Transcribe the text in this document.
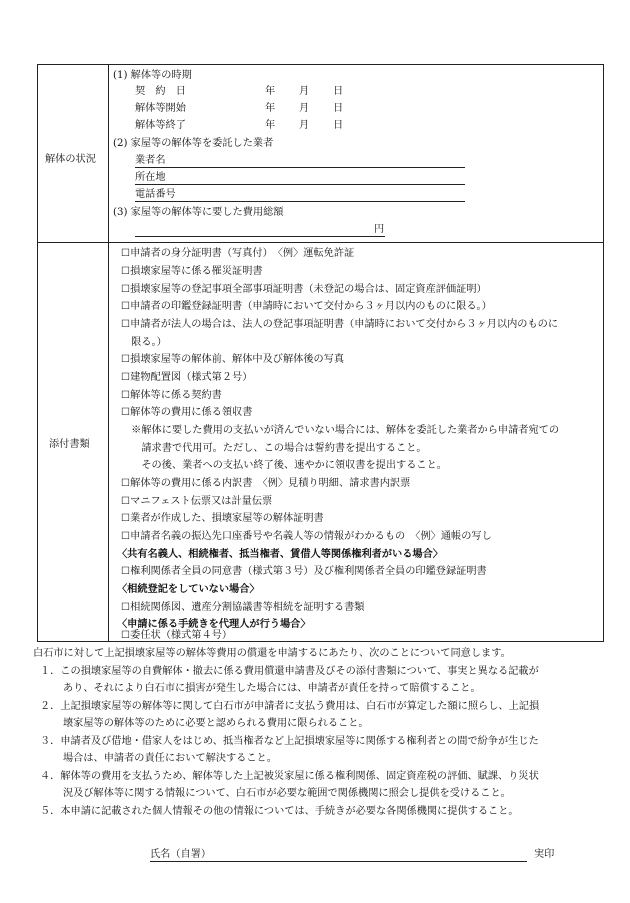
解体の状況
(1) 解体等の時期
契　約　日	年 月 日
解体等開始	年 月 日
解体等終了	年 月 日
(2) 家屋等の解体等を委託した業者
業者名
所在地
電話番号
(3) 家屋等の解体等に要した費用総額
円
添付書類
☐申請者の身分証明書（写真付）　〈例〉運転免許証
☐損壊家屋等に係る罹災証明書
☐損壊家屋等の登記事項全部事項証明書（未登記の場合は、固定資産評価証明）
☐申請者の印鑑登録証明書（申請時において交付から３ヶ月以内のものに限る。）
☐申請者が法人の場合は、法人の登記事項証明書（申請時において交付から３ヶ月以内のものに
　限る。）
☐損壊家屋等の解体前、解体中及び解体後の写真
☐建物配置図（様式第２号）
☐解体等に係る契約書
☐解体等の費用に係る領収書
　※解体に要した費用の支払いが済んでいない場合には、解体を委託した業者から申請者宛ての
　　請求書で代用可。ただし、この場合は誓約書を提出すること。
　　その後、業者への支払い終了後、速やかに領収書を提出すること。
☐解体等の費用に係る内訳書　〈例〉見積り明細、請求書内訳票
☐マニフェスト伝票又は計量伝票
☐業者が作成した、損壊家屋等の解体証明書
☐申請者名義の振込先口座番号や名義人等の情報がわかるもの　〈例〉通帳の写し
〈共有名義人、相続権者、抵当権者、賃借人等関係権利者がいる場合〉
☐権利関係者全員の同意書（様式第３号）及び権利関係者全員の印鑑登録証明書
〈相続登記をしていない場合〉
☐相続関係図、遺産分割協議書等相続を証明する書類
〈申請に係る手続きを代理人が行う場合〉
☐委任状（様式第４号）
白石市に対して上記損壊家屋等の解体等費用の償還を申請するにあたり、次のことについて同意します。
１．この損壊家屋等の自費解体・撤去に係る費用償還申請書及びその添付書類について、事実と異なる記載が
あり、それにより白石市に損害が発生した場合には、申請者が責任を持って賠償すること。
２．上記損壊家屋等の解体等に関して白石市が申請者に支払う費用は、白石市が算定した額に照らし、上記損
壊家屋等の解体等のために必要と認められる費用に限られること。
３．申請者及び借地・借家人をはじめ、抵当権者など上記損壊家屋等に関係する権利者との間で紛争が生じた
場合は、申請者の責任において解決すること。
４．解体等の費用を支払うため、解体等した上記被災家屋に係る権利関係、固定資産税の評価、賦課、り災状
況及び解体等に関する情報について、白石市が必要な範囲で関係機関に照会し提供を受けること。
５．本申請に記載された個人情報その他の情報については、手続きが必要な各関係機関に提供すること。
氏名（自署）	実印
